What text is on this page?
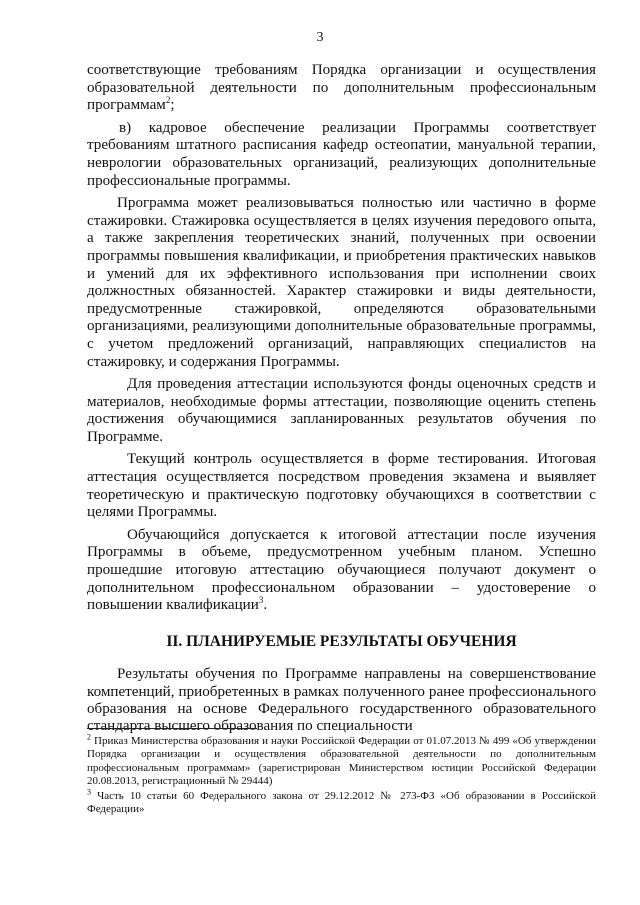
3

соответствующие требованиям Порядка организации и осуществления образовательной деятельности по дополнительным профессиональным программам$^2$;

в) кадровое обеспечение реализации Программы соответствует требованиям штатного расписания кафедр остеопатии, мануальной терапии, неврологии образовательных организаций, реализующих дополнительные профессиональные программы.

Программа может реализовываться полностью или частично в форме стажировки. Стажировка осуществляется в целях изучения передового опыта, а также закрепления теоретических знаний, полученных при освоении программы повышения квалификации, и приобретения практических навыков и умений для их эффективного использования при исполнении своих должностных обязанностей. Характер стажировки и виды деятельности, предусмотренные стажировкой, определяются образовательными организациями, реализующими дополнительные образовательные программы, с учетом предложений организаций, направляющих специалистов на стажировку, и содержания Программы.

Для проведения аттестации используются фонды оценочных средств и материалов, необходимые формы аттестации, позволяющие оценить степень достижения обучающимися запланированных результатов обучения по Программе.

Текущий контроль осуществляется в форме тестирования. Итоговая аттестация осуществляется посредством проведения экзамена и выявляет теоретическую и практическую подготовку обучающихся в соответствии с целями Программы.

Обучающийся допускается к итоговой аттестации после изучения Программы в объеме, предусмотренном учебным планом. Успешно прошедшие итоговую аттестацию обучающиеся получают документ о дополнительном профессиональном образовании – удостоверение о повышении квалификации$^3$.

II. ПЛАНИРУЕМЫЕ РЕЗУЛЬТАТЫ ОБУЧЕНИЯ

Результаты обучения по Программе направлены на совершенствование компетенций, приобретенных в рамках полученного ранее профессионального образования на основе Федерального государственного образовательного стандарта высшего образования по специальности

$^2$ Приказ Министерства образования и науки Российской Федерации от 01.07.2013 № 499 «Об утверждении Порядка организации и осуществления образовательной деятельности по дополнительным профессиональным программам» (зарегистрирован Министерством юстиции Российской Федерации 20.08.2013, регистрационный № 29444)

$^3$ Часть 10 статьи 60 Федерального закона от 29.12.2012 № 273-ФЗ «Об образовании в Российской Федерации»
